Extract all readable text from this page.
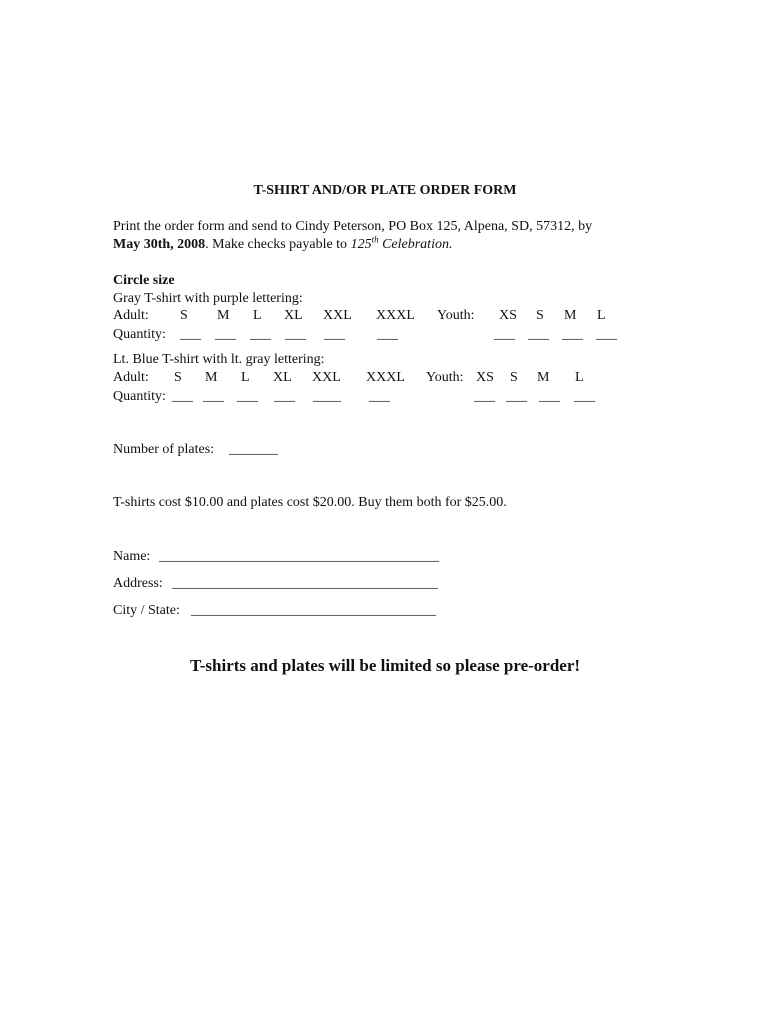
T-SHIRT AND/OR PLATE ORDER FORM
Print the order form and send to Cindy Peterson, PO Box 125, Alpena, SD, 57312, by
May 30th, 2008. Make checks payable to 125th Celebration.
Circle size
Gray T-shirt with purple lettering:
Adult: S M L XL XXL XXXL Youth: XS S M L
Quantity: ___ ___ ___ ___ ___ ___	___ ___ ___ ___
Lt. Blue T-shirt with lt. gray lettering:
Adult: S M L XL XXL XXXL Youth: XS S M L
Quantity: ___ ___ ___ ___ ____ ___	___ ___ ___ ___
Number of plates: _______
T-shirts cost $10.00 and plates cost $20.00. Buy them both for $25.00.
Name: ________________________________________
Address: ______________________________________
City / State: ___________________________________
T-shirts and plates will be limited so please pre-order!
